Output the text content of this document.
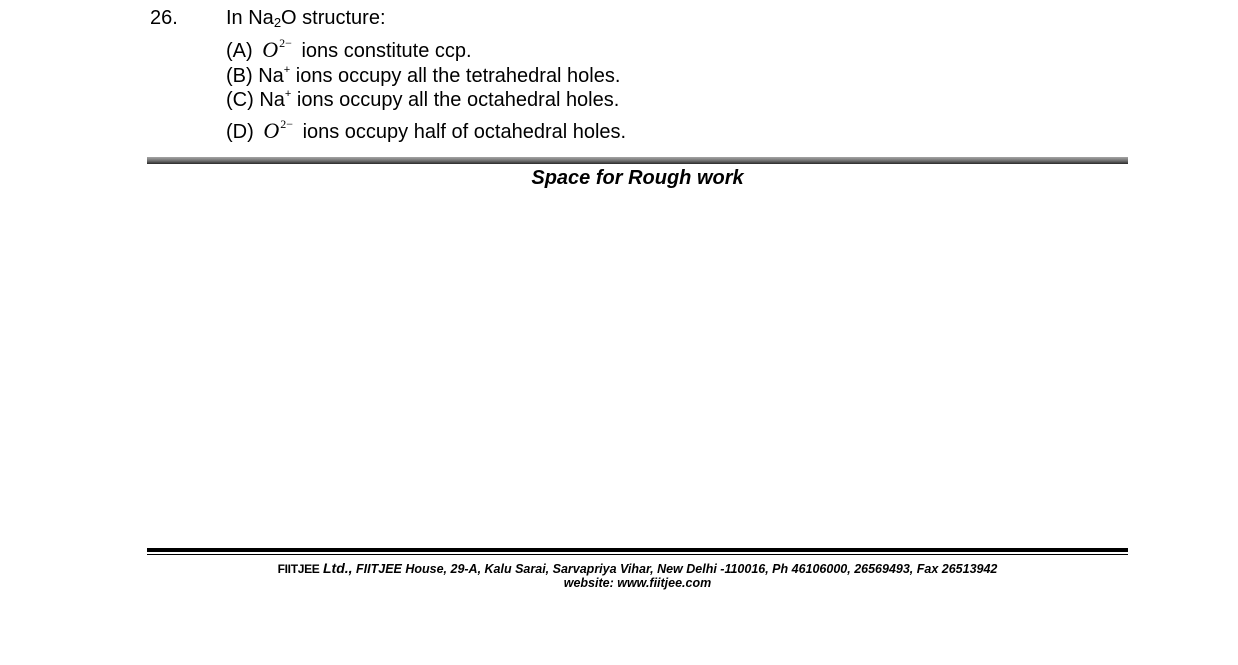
26. In $Na_2O$ structure:
(A) $O^{2-}$ ions constitute ccp.
(B) Na+ ions occupy all the tetrahedral holes.
(C) Na+ ions occupy all the octahedral holes.
(D) $O^{2-}$ ions occupy half of octahedral holes.
Space for Rough work
FIITJEE Ltd., FIITJEE House, 29-A, Kalu Sarai, Sarvapriya Vihar, New Delhi -110016, Ph 46106000, 26569493, Fax 26513942
website: www.fiitjee.com
